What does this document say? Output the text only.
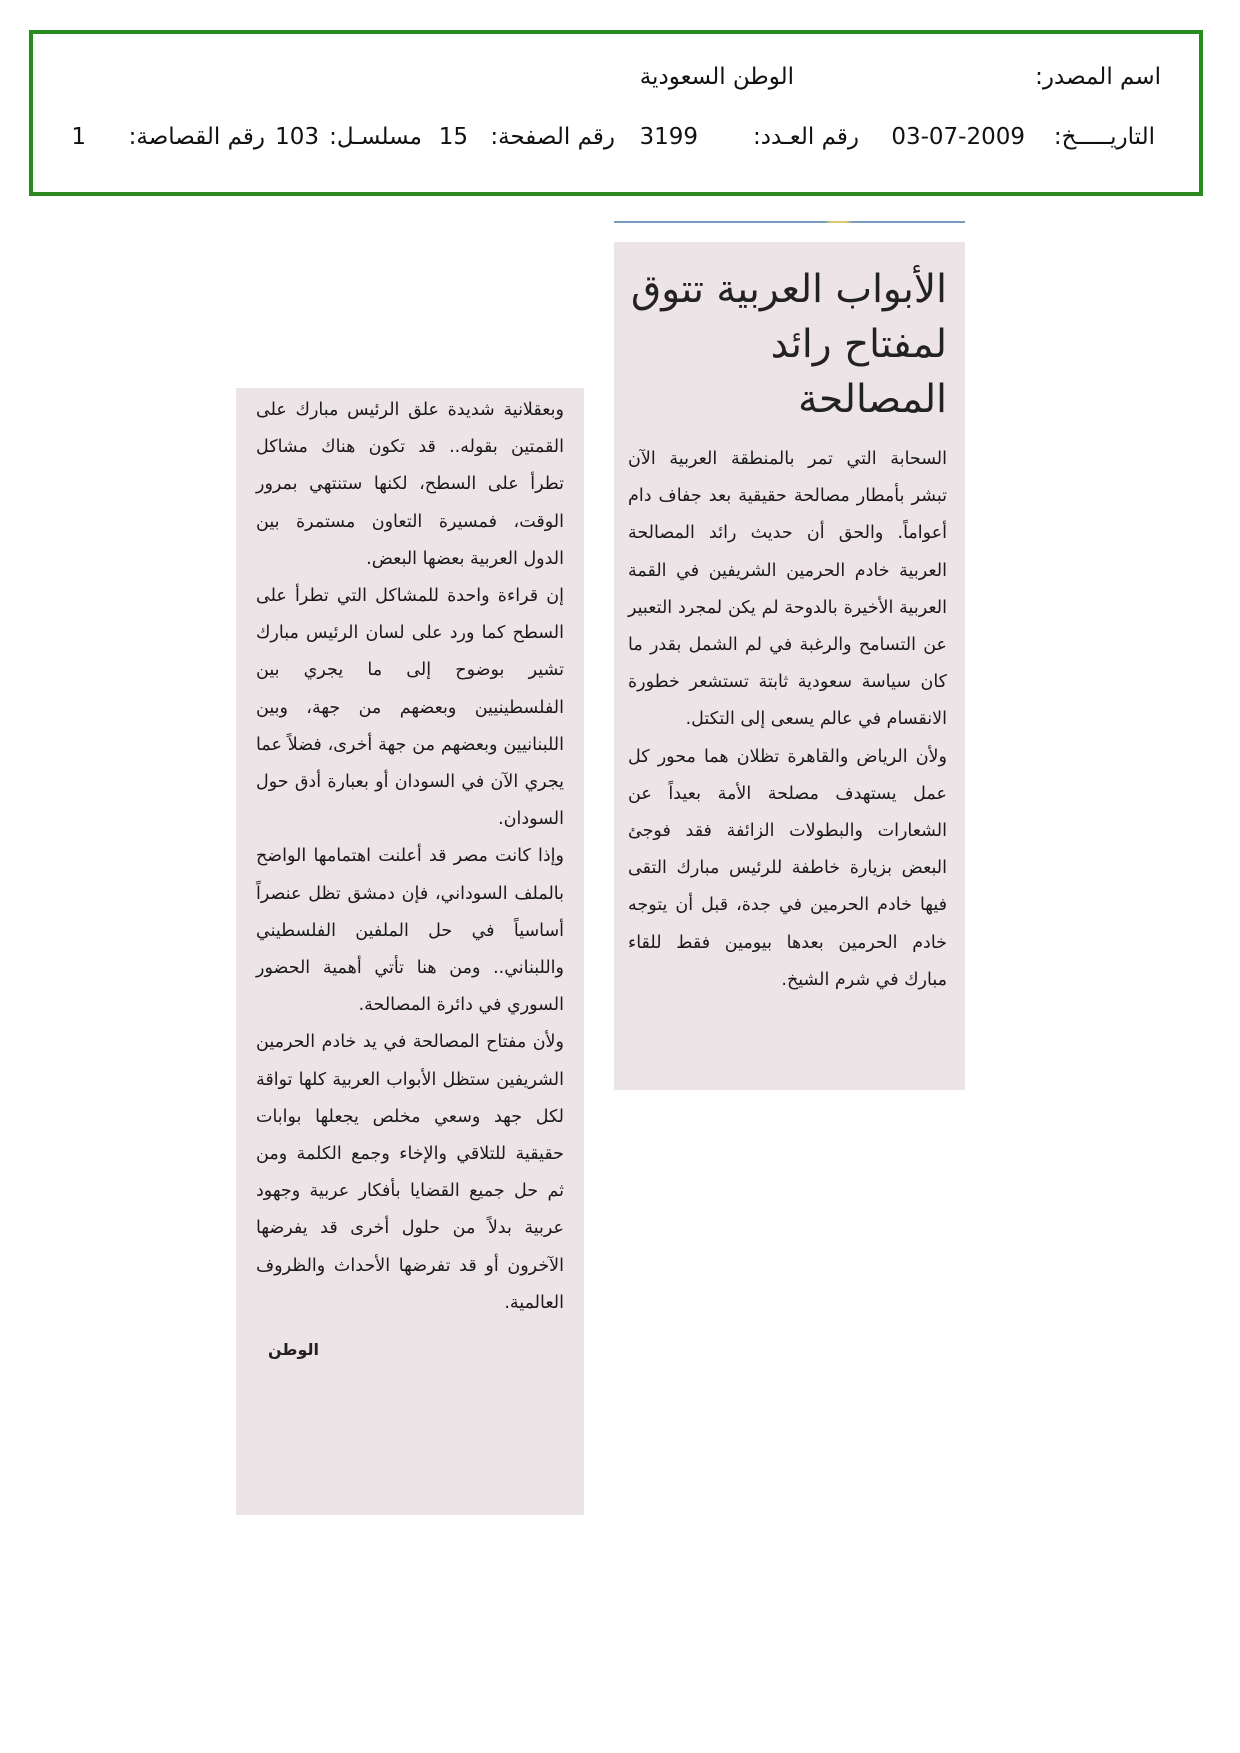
اسم المصدر:
الوطن السعودية
التاريـــــخ:
03-07-2009
رقم العـدد:
3199
رقم الصفحة:
15
مسلسـل:
103
رقم القصاصة:
1
الأبواب العربية تتوق لمفتاح رائد المصالحة

السحابة التي تمر بالمنطقة العربية الآن تبشر بأمطار مصالحة حقيقية بعد جفاف دام أعواماً. والحق أن حديث رائد المصالحة العربية خادم الحرمين الشريفين في القمة العربية الأخيرة بالدوحة لم يكن لمجرد التعبير عن التسامح والرغبة في لم الشمل بقدر ما كان سياسة سعودية ثابتة تستشعر خطورة الانقسام في عالم يسعى إلى التكتل.

ولأن الرياض والقاهرة تظلان هما محور كل عمل يستهدف مصلحة الأمة بعيداً عن الشعارات والبطولات الزائفة فقد فوجئ البعض بزيارة خاطفة للرئيس مبارك التقى فيها خادم الحرمين في جدة، قبل أن يتوجه خادم الحرمين بعدها بيومين فقط للقاء مبارك في شرم الشيخ.

وبعقلانية شديدة علق الرئيس مبارك على القمتين بقوله.. قد تكون هناك مشاكل تطرأ على السطح، لكنها ستنتهي بمرور الوقت، فمسيرة التعاون مستمرة بين الدول العربية بعضها البعض.

إن قراءة واحدة للمشاكل التي تطرأ على السطح كما ورد على لسان الرئيس مبارك تشير بوضوح إلى ما يجري بين الفلسطينيين وبعضهم من جهة، وبين اللبنانيين وبعضهم من جهة أخرى، فضلاً عما يجري الآن في السودان أو بعبارة أدق حول السودان.

وإذا كانت مصر قد أعلنت اهتمامها الواضح بالملف السوداني، فإن دمشق تظل عنصراً أساسياً في حل الملفين الفلسطيني واللبناني.. ومن هنا تأتي أهمية الحضور السوري في دائرة المصالحة.

ولأن مفتاح المصالحة في يد خادم الحرمين الشريفين ستظل الأبواب العربية كلها تواقة لكل جهد وسعي مخلص يجعلها بوابات حقيقية للتلاقي والإخاء وجمع الكلمة ومن ثم حل جميع القضايا بأفكار عربية وجهود عربية بدلاً من حلول أخرى قد يفرضها الآخرون أو قد تفرضها الأحداث والظروف العالمية.

الوطن
